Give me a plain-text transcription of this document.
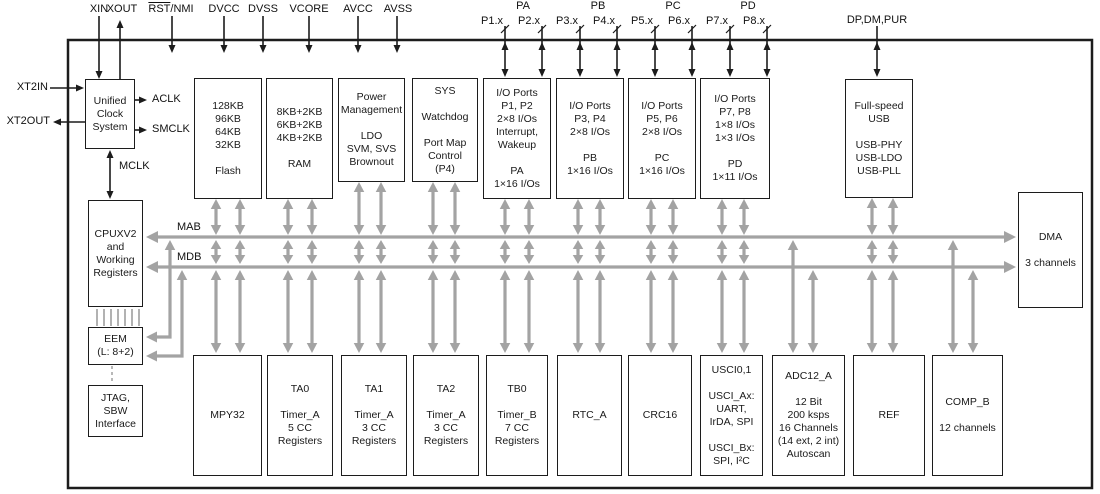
Unified
Clock
System
128KB
96KB
64KB
32KB
Flash
8KB+2KB
6KB+2KB
4KB+2KB
RAM
Power
Management
LDO
SVM, SVS
Brownout
SYS
Watchdog
Port Map
Control
(P4)
I/O Ports
P1, P2
2×8 I/Os
Interrupt,
Wakeup
PA
1×16 I/Os
I/O Ports
P3, P4
2×8 I/Os
PB
1×16 I/Os
I/O Ports
P5, P6
2×8 I/Os
PC
1×16 I/Os
I/O Ports
P7, P8
1×8 I/Os
1×3 I/Os
PD
1×11 I/Os
Full-speed
USB
USB-PHY
USB-LDO
USB-PLL
CPUXV2
and
Working
Registers
EEM
(L: 8+2)
JTAG,
SBW
Interface
MPY32
TA0
Timer_A
5 CC
Registers
TA1
Timer_A
3 CC
Registers
TA2
Timer_A
3 CC
Registers
TB0
Timer_B
7 CC
Registers
RTC_A	CRC16
USCI0,1
USCI_Ax:
UART,
IrDA, SPI
USCI_Bx:
SPI, I²C
ADC12_A
12 Bit
200 ksps
16 Channels
(14 ext, 2 int)
Autoscan
REF
COMP_B
12 channels
DMA
3 channels
XIN
XOUT $\overline{RST}$/NMI DVCC DVSS VCORE AVCC AVSS	PA	PB	PC	PD
P1.x P2.x P3.x P4.x P5.x P6.x P7.x P8.x	DP,DM,PUR
XT2IN
XT2OUT
ACLK
SMCLK
MCLK
MAB
MDB
